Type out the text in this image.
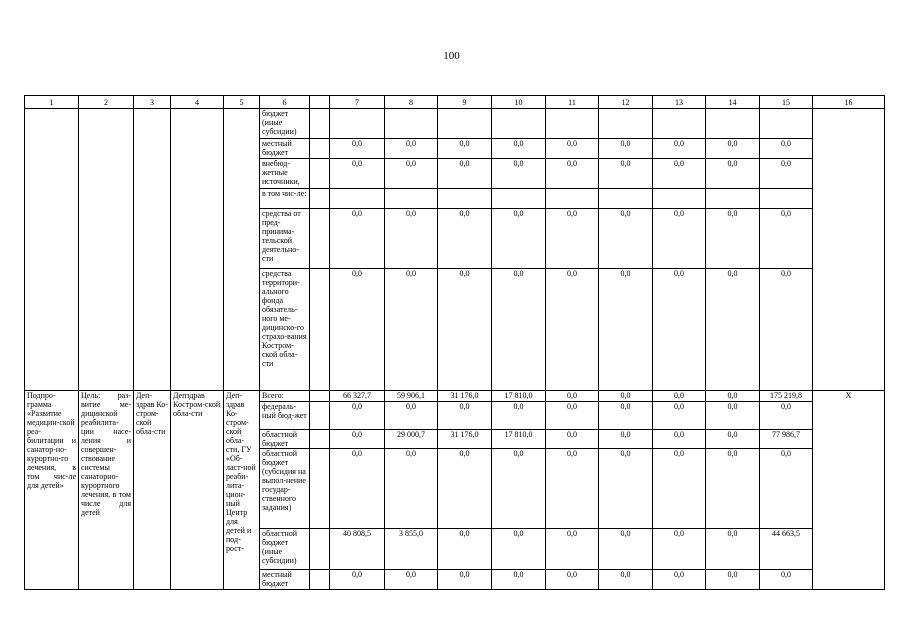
100
1	2	3	4	5	6		7	8	9	10	11	12	13	14	15	16
					бюджет (иные субсидии)											
					местный бюджет		0,0	0,0	0,0	0,0	0,0	0,0	0,0	0,0	0,0	
					внебюд-жетные источники,		0,0	0,0	0,0	0,0	0,0	0,0	0,0	0,0	0,0	
					в том чис-ле:											
					средства от пред-принима-тельской деятельно-сти		0,0	0,0	0,0	0,0	0,0	0,0	0,0	0,0	0,0	
					средства территори-ального фонда обязатель-ного ме-дицинско-го страхо-вания Костром-ской обла-сти		0,0	0,0	0,0	0,0	0,0	0,0	0,0	0,0	0,0	
Подпро-грамма «Развитие медицин-ской реа-билитации и санатор-но-курортно-го лечения, в том чис-ле для детей»	Цель: раз-витие ме-дицинской реабилита-ции насе-ления и совершен-ствование системы санаторно-курортного лечения, в том числе для детей	Деп-здрав Ко-стром-ской обла-сти	Депздрав Костром-ской обла-сти	Деп-здрав Ко-стром-ской обла-сти, ГУ «Об-ласт-ной реаби-лита-цион-ный Центр для детей и под-рост-	Всего:		66 327,7	59 906,1	31 176,0	17 810,0	0,0	0,0	0,0	0,0	175 219,8	Х
					федераль-ный бюд-жет		0,0	0,0	0,0	0,0	0,0	0,0	0,0	0,0	0,0	
					областной бюджет		0,0	29 000,7	31 176,0	17 810,0	0,0	0,0	0,0	0,0	77 986,7	
					областной бюджет (субсидия на выпол-нение государ-ственного задания)		0,0	0,0	0,0	0,0	0,0	0,0	0,0	0,0	0,0	
					областной бюджет (иные субсидии)		40 808,5	3 855,0	0,0	0,0	0,0	0,0	0,0	0,0	44 663,5	
					местный бюджет		0,0	0,0	0,0	0,0	0,0	0,0	0,0	0,0	0,0	
